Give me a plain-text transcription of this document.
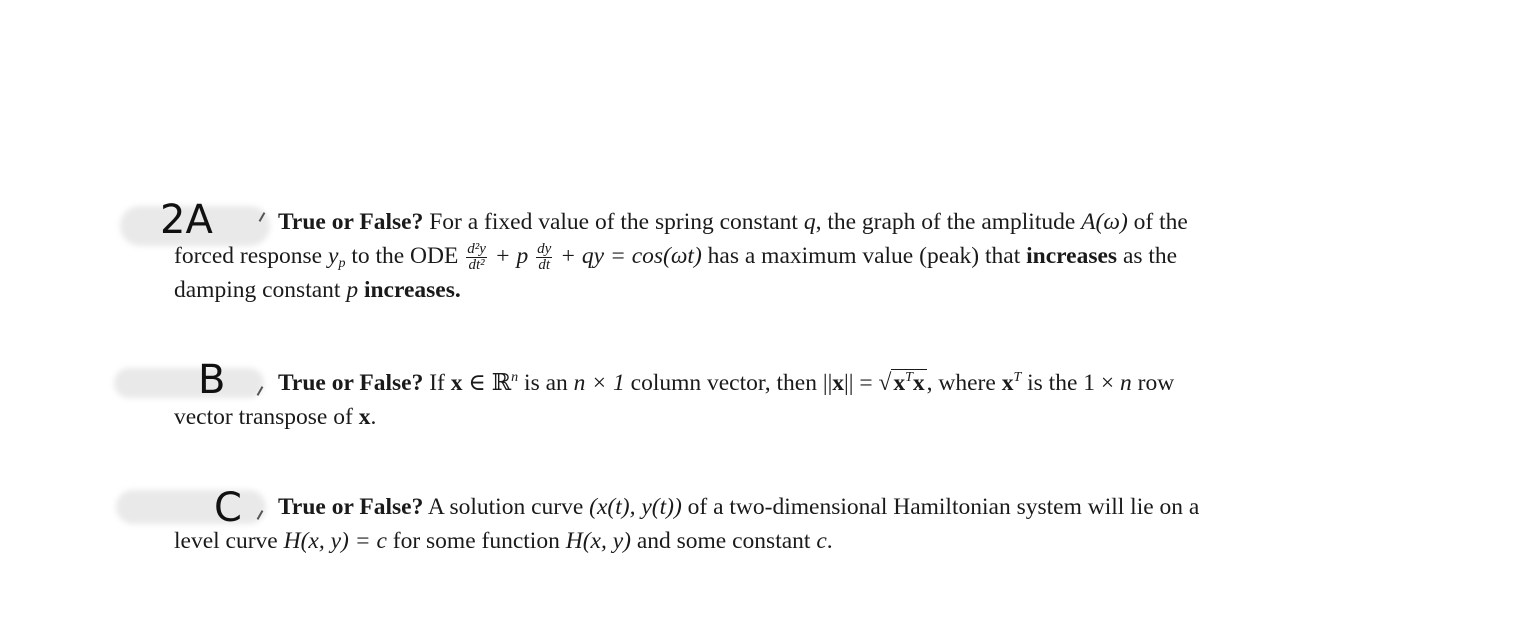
2A
B
C
True or False? For a fixed value of the spring constant q, the graph of the amplitude A(ω) of the
forced response $y_p$ to the ODE $\frac{\text{d²y}}{\text{dt²}} + p \frac{dy}{dt}$ + qy = cos(ωt) has a maximum value (peak) that increases as the
damping constant p increases.
True or False? If x ∈ ℝ$^n$ is an n × 1 column vector, then $||x|| = √x^Tx$, where $x^T$ is the 1 × n row
vector transpose of x.
True or False? A solution curve (x(t), y(t)) of a two-dimensional Hamiltonian system will lie on a
level curve H(x, y) = c for some function H(x, y) and some constant c.
